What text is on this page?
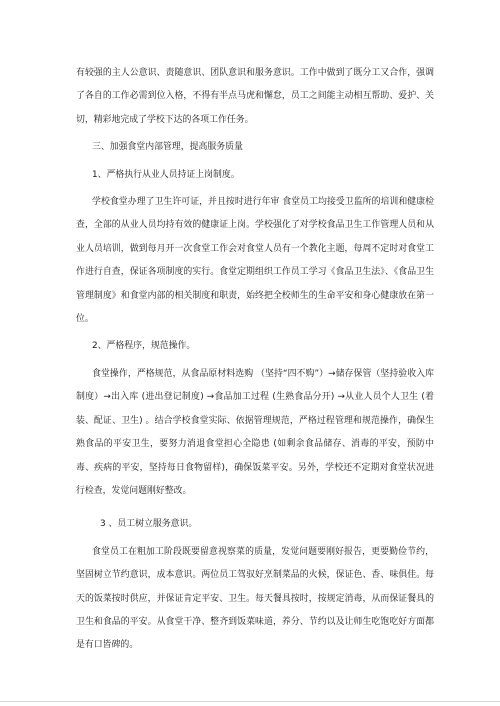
有较强的主人公意识、责随意识、团队意识和服务意识。工作中做到了既分工又合作，强调了各自的工作必需到位入格，不得有半点马虎和懈怠，员工之间能主动相互帮助、爱护、关切，精彩地完成了学校下达的各项工作任务。

三、加强食堂内部管理，提高服务质量

1、严格执行从业人员持证上岗制度。

学校食堂办理了卫生许可证，并且按时进行年审 食堂员工均接受卫监所的培训和健康检查，全部的从业人员均持有效的健康证上岗。学校强化了对学校食品卫生工作管理人员和从业人员培训，做到每月开一次食堂工作会对食堂人员有一个教化主题，每周不定时对食堂工作进行自查，保证各项制度的实行。食堂定期组织工作员工学习《食品卫生法》、《食品卫生管理制度》和食堂内部的相关制度和职责，始终把全校师生的生命平安和身心健康放在第一位。

2、严格程序，规范操作。

食堂操作，严格规范，从食品原材料选购 （坚持“四不购”）→储存保管（坚持验收入库制度）→出入库 (进出登记制度) →食品加工过程 (生熟食品分开) →从业人员个人卫生 (着装、配证、卫生) 。结合学校食堂实际、依据管理规范，严格过程管理和规范操作，确保生熟食品的平安卫生，要努力消退食堂担心全隐患 (如剩余食品储存、消毒的平安，预防中毒、疾病的平安，坚持每日食物留样)，确保饭菜平安。另外，学校还不定期对食堂状况进行检查，发觉问题刚好整改。

3 、员工树立服务意识。

食堂员工在粗加工阶段既要留意视察菜的质量，发觉问题要刚好报告，更要勤俭节约，坚固树立节约意识，成本意识。两位员工驾驭好烹制菜品的火候，保证色、香、味俱佳。每天的饭菜按时供应，并保证肯定平安、卫生。每天餐具按时，按规定消毒，从而保证餐具的卫生和食品的平安。从食堂干净、整齐到饭菜味道，养分、节约以及让师生吃饱吃好方面都是有口皆碑的。
